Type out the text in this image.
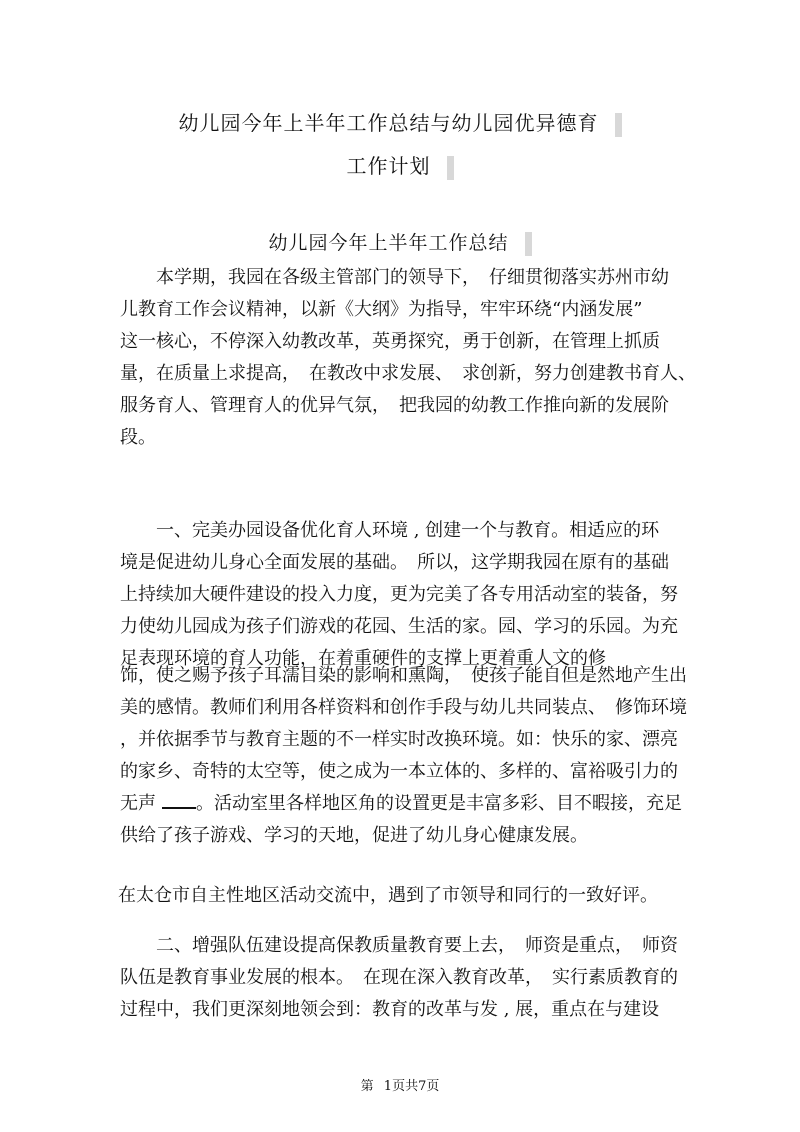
幼儿园今年上半年工作总结与幼儿园优异德育
工作计划
幼儿园今年上半年工作总结
　　本学期，我园在各级主管部门的领导下，　仔细贯彻落实苏州市幼
儿教育工作会议精神，以新《大纲》为指导，牢牢环绕“内涵发展”
这一核心，不停深入幼教改革，英勇探究，勇于创新，在管理上抓质
量，在质量上求提高，　在教改中求发展、　求创新，努力创建教书育人、
服务育人、管理育人的优异气氛，　把我园的幼教工作推向新的发展阶
段。
　　一、完美办园设备优化育人环境 , 创建一个与教育。相适应的环
境是促进幼儿身心全面发展的基础。　所以，这学期我园在原有的基础
上持续加大硬件建设的投入力度，更为完美了各专用活动室的装备，努
力使幼儿园成为孩子们游戏的花园、生活的家。园、学习的乐园。为充
足表现环境的育人功能，在着重硬件的支撑上更着重人文的修
饰，使之赐予孩子耳濡目染的影响和熏陶，　使孩子能自但是然地产生出
美的感情。教师们利用各样资料和创作手段与幼儿共同装点、　修饰环境
，并依据季节与教育主题的不一样实时改换环境。如：快乐的家、漂亮
的家乡、奇特的太空等，使之成为一本立体的、多样的、富裕吸引力的
无声 。活动室里各样地区角的设置更是丰富多彩、目不暇接，充足
供给了孩子游戏、学习的天地，促进了幼儿身心健康发展。
在太仓市自主性地区活动交流中，遇到了市领导和同行的一致好评。
　　二、增强队伍建设提高保教质量教育要上去，　师资是重点，　师资
队伍是教育事业发展的根本。　在现在深入教育改革，　实行素质教育的
过程中，我们更深刻地领会到：教育的改革与发 , 展，重点在与建设
第 1页共7页
